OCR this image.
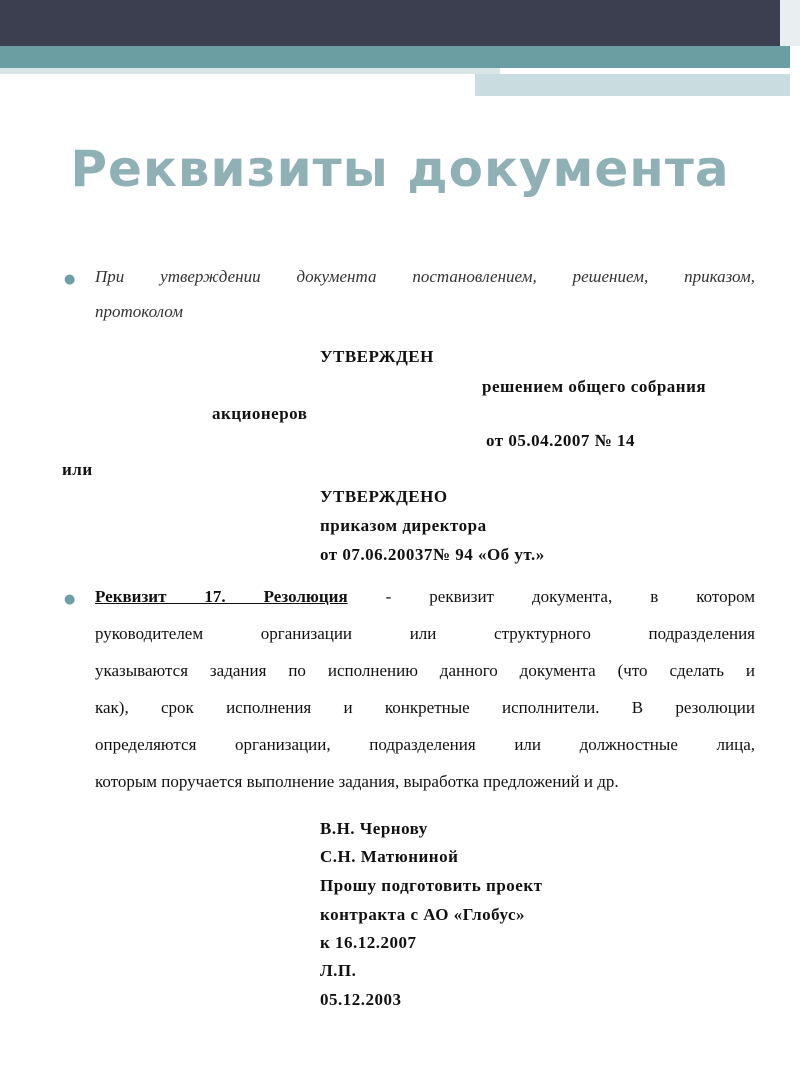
Реквизиты документа
● При утверждении документа постановлением, решением, приказом,
протоколом
УТВЕРЖДЕН
решением общего собрания
акционеров
от 05.04.2007 № 14
или
УТВЕРЖДЕНО
приказом директора
от 07.06.20037№ 94 «Об ут.»
● Реквизит 17. Резолюция - реквизит документа, в котором
руководителем организации или структурного подразделения
указываются задания по исполнению данного документа (что сделать и
как), срок исполнения и конкретные исполнители. В резолюции
определяются организации, подразделения или должностные лица,
которым поручается выполнение задания, выработка предложений и др.
В.Н. Чернову
С.Н. Матюниной
Прошу подготовить проект
контракта с АО «Глобус»
к 16.12.2007
Л.П.
05.12.2003
